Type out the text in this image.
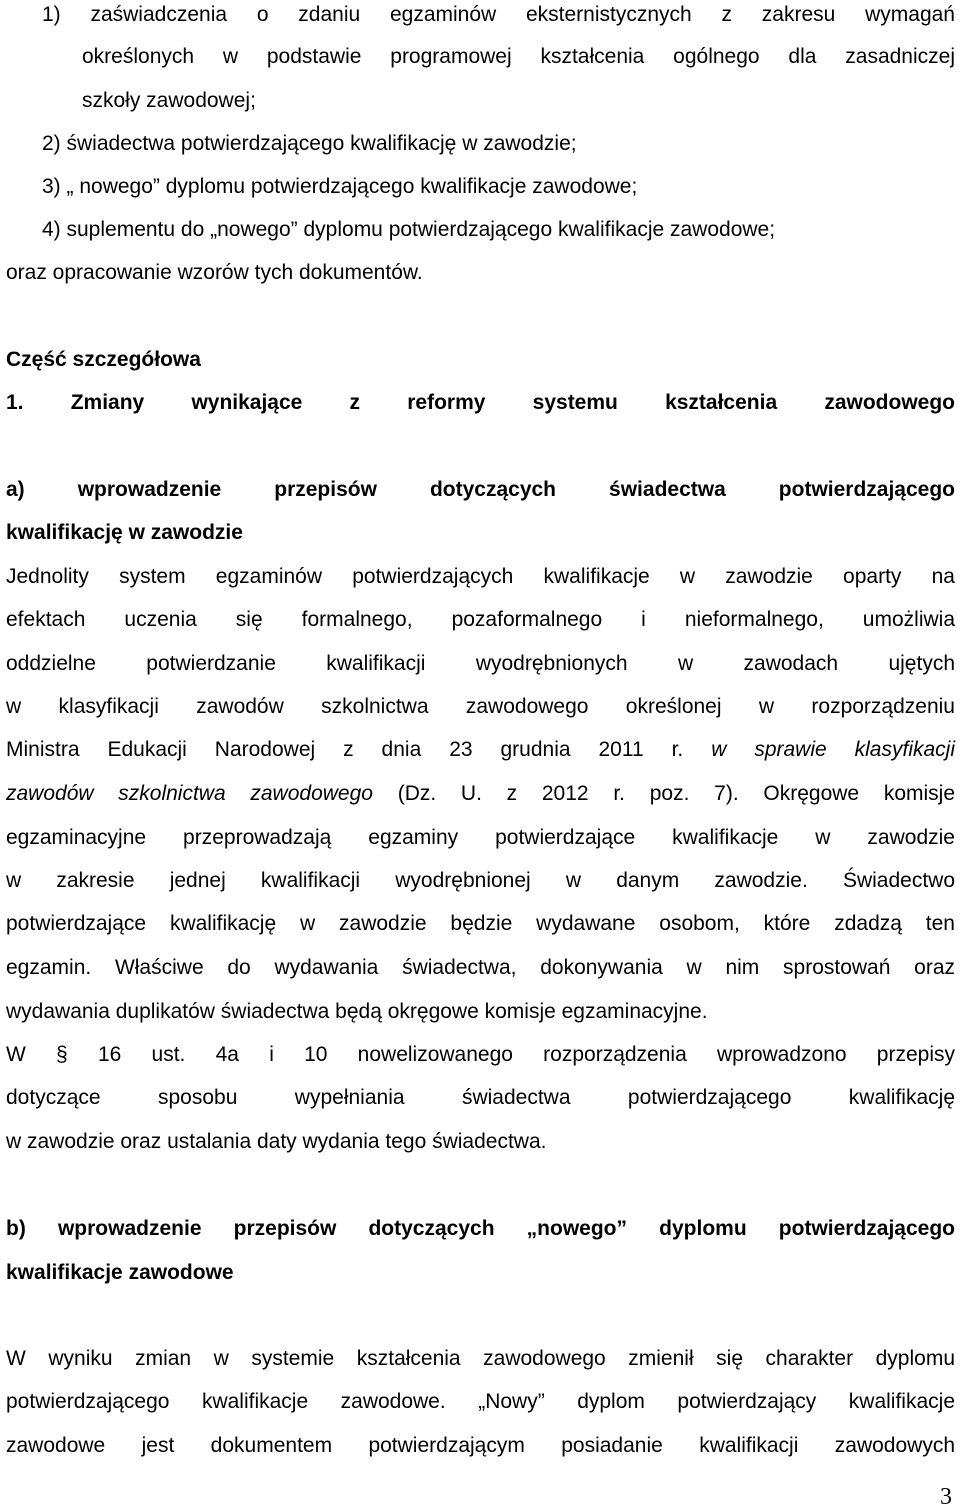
1) zaświadczenia o zdaniu egzaminów eksternistycznych z zakresu wymagań
określonych w podstawie programowej kształcenia ogólnego dla zasadniczej
szkoły zawodowej;
2) świadectwa potwierdzającego kwalifikację w zawodzie;
3) „ nowego” dyplomu potwierdzającego kwalifikacje zawodowe;
4) suplementu do „nowego” dyplomu potwierdzającego kwalifikacje zawodowe;
oraz opracowanie wzorów tych dokumentów.
Część szczegółowa
1. Zmiany wynikające z reformy systemu kształcenia zawodowego
a) wprowadzenie przepisów dotyczących świadectwa potwierdzającego
kwalifikację w zawodzie
Jednolity system egzaminów potwierdzających kwalifikacje w zawodzie oparty na
efektach uczenia się formalnego, pozaformalnego i nieformalnego, umożliwia
oddzielne potwierdzanie kwalifikacji wyodrębnionych w zawodach ujętych
w klasyfikacji zawodów szkolnictwa zawodowego określonej w rozporządzeniu
Ministra Edukacji Narodowej z dnia 23 grudnia 2011 r. w sprawie klasyfikacji
zawodów szkolnictwa zawodowego (Dz. U. z 2012 r. poz. 7). Okręgowe komisje
egzaminacyjne przeprowadzają egzaminy potwierdzające kwalifikacje w zawodzie
w zakresie jednej kwalifikacji wyodrębnionej w danym zawodzie. Świadectwo
potwierdzające kwalifikację w zawodzie będzie wydawane osobom, które zdadzą ten
egzamin. Właściwe do wydawania świadectwa, dokonywania w nim sprostowań oraz
wydawania duplikatów świadectwa będą okręgowe komisje egzaminacyjne.
W § 16 ust. 4a i 10 nowelizowanego rozporządzenia wprowadzono przepisy
dotyczące sposobu wypełniania świadectwa potwierdzającego kwalifikację
w zawodzie oraz ustalania daty wydania tego świadectwa.
b) wprowadzenie przepisów dotyczących „nowego” dyplomu potwierdzającego
kwalifikacje zawodowe
W wyniku zmian w systemie kształcenia zawodowego zmienił się charakter dyplomu
potwierdzającego kwalifikacje zawodowe. „Nowy” dyplom potwierdzający kwalifikacje
zawodowe jest dokumentem potwierdzającym posiadanie kwalifikacji zawodowych
3
